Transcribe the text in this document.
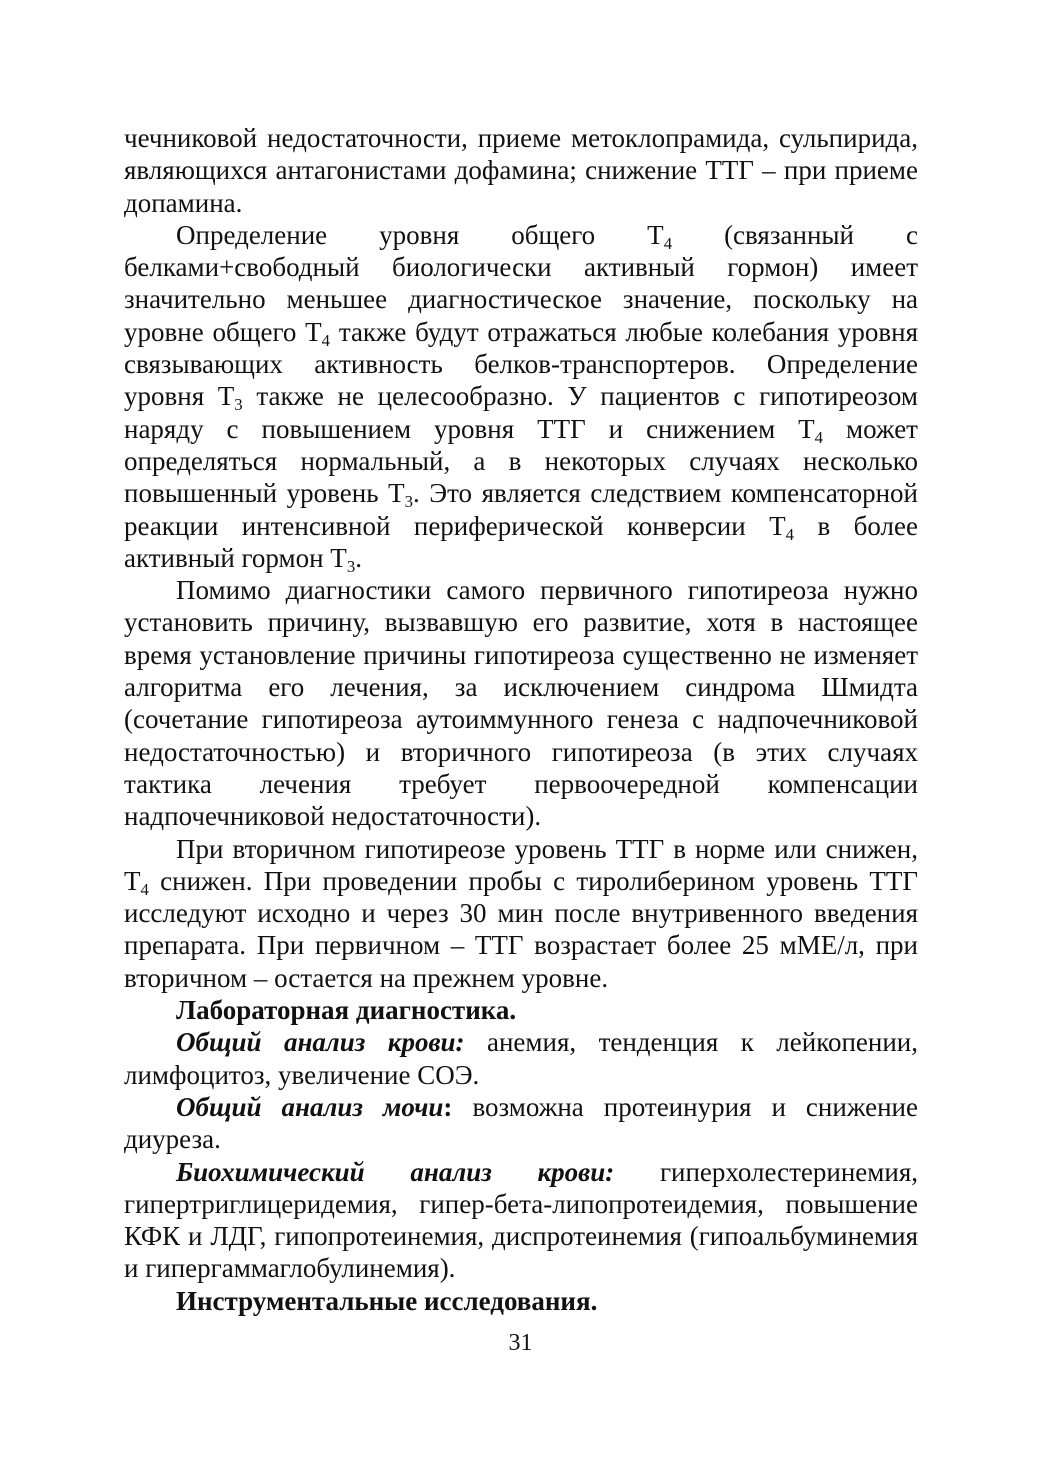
чечниковой недостаточности, приеме метоклопрамида, сульпирида, являющихся антагонистами дофамина; снижение ТТГ – при приеме допамина.

Определение уровня общего $Т_4$ (связанный с белками+свободный биологически активный гормон) имеет значительно меньшее диагностическое значение, поскольку на уровне общего $Т_4$ также будут отражаться любые колебания уровня связывающих активность белков-транспортеров. Определение уровня $Т_3$ также не целесообразно. У пациентов с гипотиреозом наряду с повышением уровня ТТГ и снижением $Т_4$ может определяться нормальный, а в некоторых случаях несколько повышенный уровень $Т_3$. Это является следствием компенсаторной реакции интенсивной периферической конверсии $Т_4$ в более активный гормон $Т_3$.

Помимо диагностики самого первичного гипотиреоза нужно установить причину, вызвавшую его развитие, хотя в настоящее время установление причины гипотиреоза существенно не изменяет алгоритма его лечения, за исключением синдрома Шмидта (сочетание гипотиреоза аутоиммунного генеза с надпочечниковой недостаточностью) и вторичного гипотиреоза (в этих случаях тактика лечения требует первоочередной компенсации надпочечниковой недостаточности).

При вторичном гипотиреозе уровень ТТГ в норме или снижен, $Т_4$ снижен. При проведении пробы с тиролиберином уровень ТТГ исследуют исходно и через 30 мин после внутривенного введения препарата. При первичном – ТТГ возрастает более 25 мМЕ/л, при вторичном – остается на прежнем уровне.

Лабораторная диагностика.

Общий анализ крови: анемия, тенденция к лейкопении, лимфоцитоз, увеличение СОЭ.

Общий анализ мочи: возможна протеинурия и снижение диуреза.

Биохимический анализ крови: гиперхолестеринемия, гипертриглицеридемия, гипер-бета-липопротеидемия, повышение КФК и ЛДГ, гипопротеинемия, диспротеинемия (гипоальбуминемия и гипергаммаглобулинемия).

Инструментальные исследования.

31
